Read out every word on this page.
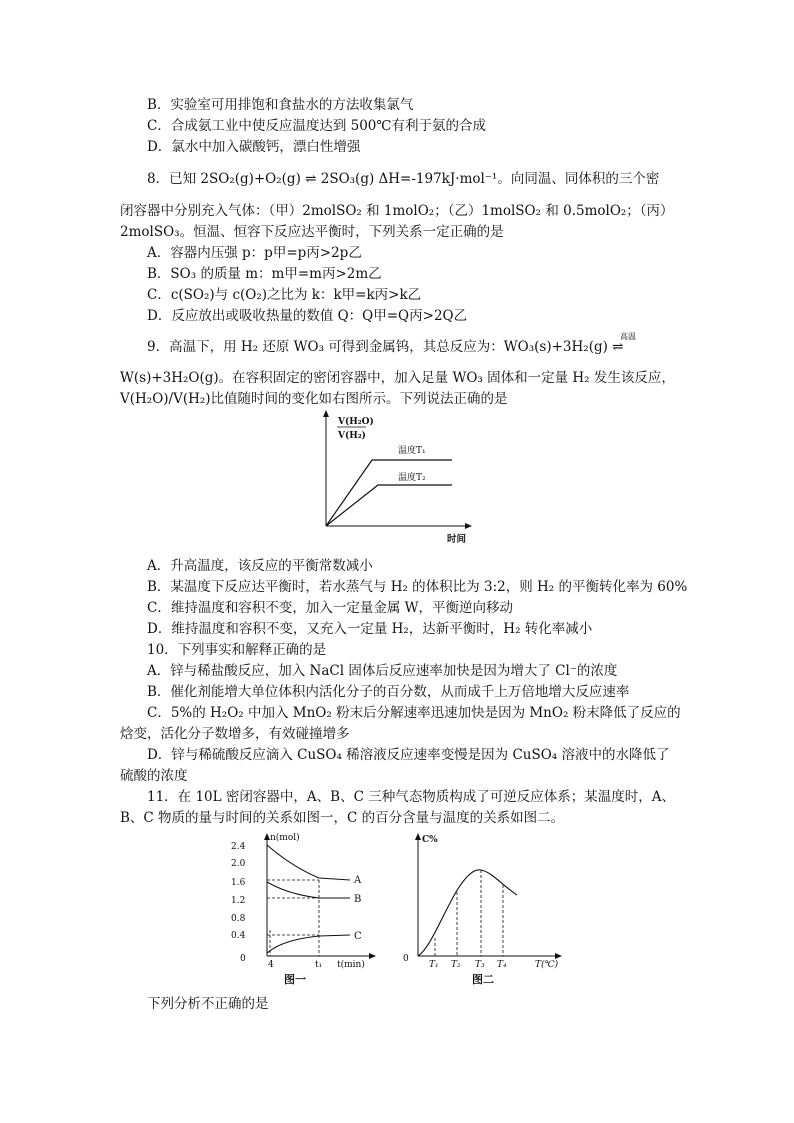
B．实验室可用排饱和食盐水的方法收集氯气
C．合成氨工业中使反应温度达到 500℃有利于氨的合成
D．氯水中加入碳酸钙，漂白性增强
8．已知 2SO₂(g)+O₂(g) ⇌ 2SO₃(g) ΔH=-197kJ·mol⁻¹。向同温、同体积的三个密
闭容器中分别充入气体：（甲）2molSO₂ 和 1molO₂；（乙）1molSO₂ 和 0.5molO₂；（丙）
2molSO₃。恒温、恒容下反应达平衡时，下列关系一定正确的是
A．容器内压强 p：p甲=p丙>2p乙
B．SO₃ 的质量 m：m甲=m丙>2m乙
C．c(SO₂)与 c(O₂)之比为 k：k甲=k丙>k乙
D．反应放出或吸收热量的数值 Q：Q甲=Q丙>2Q乙
9．高温下，用 H₂ 还原 WO₃ 可得到金属钨，其总反应为：WO₃(s)+3H₂(g) ⇌
高温
W(s)+3H₂O(g)。在容积固定的密闭容器中，加入足量 WO₃ 固体和一定量 H₂ 发生该反应，
V(H₂O)/V(H₂)比值随时间的变化如右图所示。下列说法正确的是
V(H₂O)
V(H₂)
温度T₁
温度T₂
时间
A．升高温度，该反应的平衡常数减小
B．某温度下反应达平衡时，若水蒸气与 H₂ 的体积比为 3:2，则 H₂ 的平衡转化率为 60%
C．维持温度和容积不变，加入一定量金属 W，平衡逆向移动
D．维持温度和容积不变，又充入一定量 H₂，达新平衡时，H₂ 转化率减小
10．下列事实和解释正确的是
A．锌与稀盐酸反应，加入 NaCl 固体后反应速率加快是因为增大了 Cl⁻的浓度
B．催化剂能增大单位体积内活化分子的百分数，从而成千上万倍地增大反应速率
C．5%的 H₂O₂ 中加入 MnO₂ 粉末后分解速率迅速加快是因为 MnO₂ 粉末降低了反应的
焓变，活化分子数增多，有效碰撞增多
D．锌与稀硫酸反应滴入 CuSO₄ 稀溶液反应速率变慢是因为 CuSO₄ 溶液中的水降低了
硫酸的浓度
11．在 10L 密闭容器中，A、B、C 三种气态物质构成了可逆反应体系；某温度时，A、
B、C 物质的量与时间的关系如图一，C 的百分含量与温度的关系如图二。
n(mol)
2.4
2.0
1.6
1.2
0.8
0.4
0
A
B
C
4	t₁ t(min)
图一
C%
0
T₁ T₂ T₃ T₄	T(℃)
图二
下列分析不正确的是
